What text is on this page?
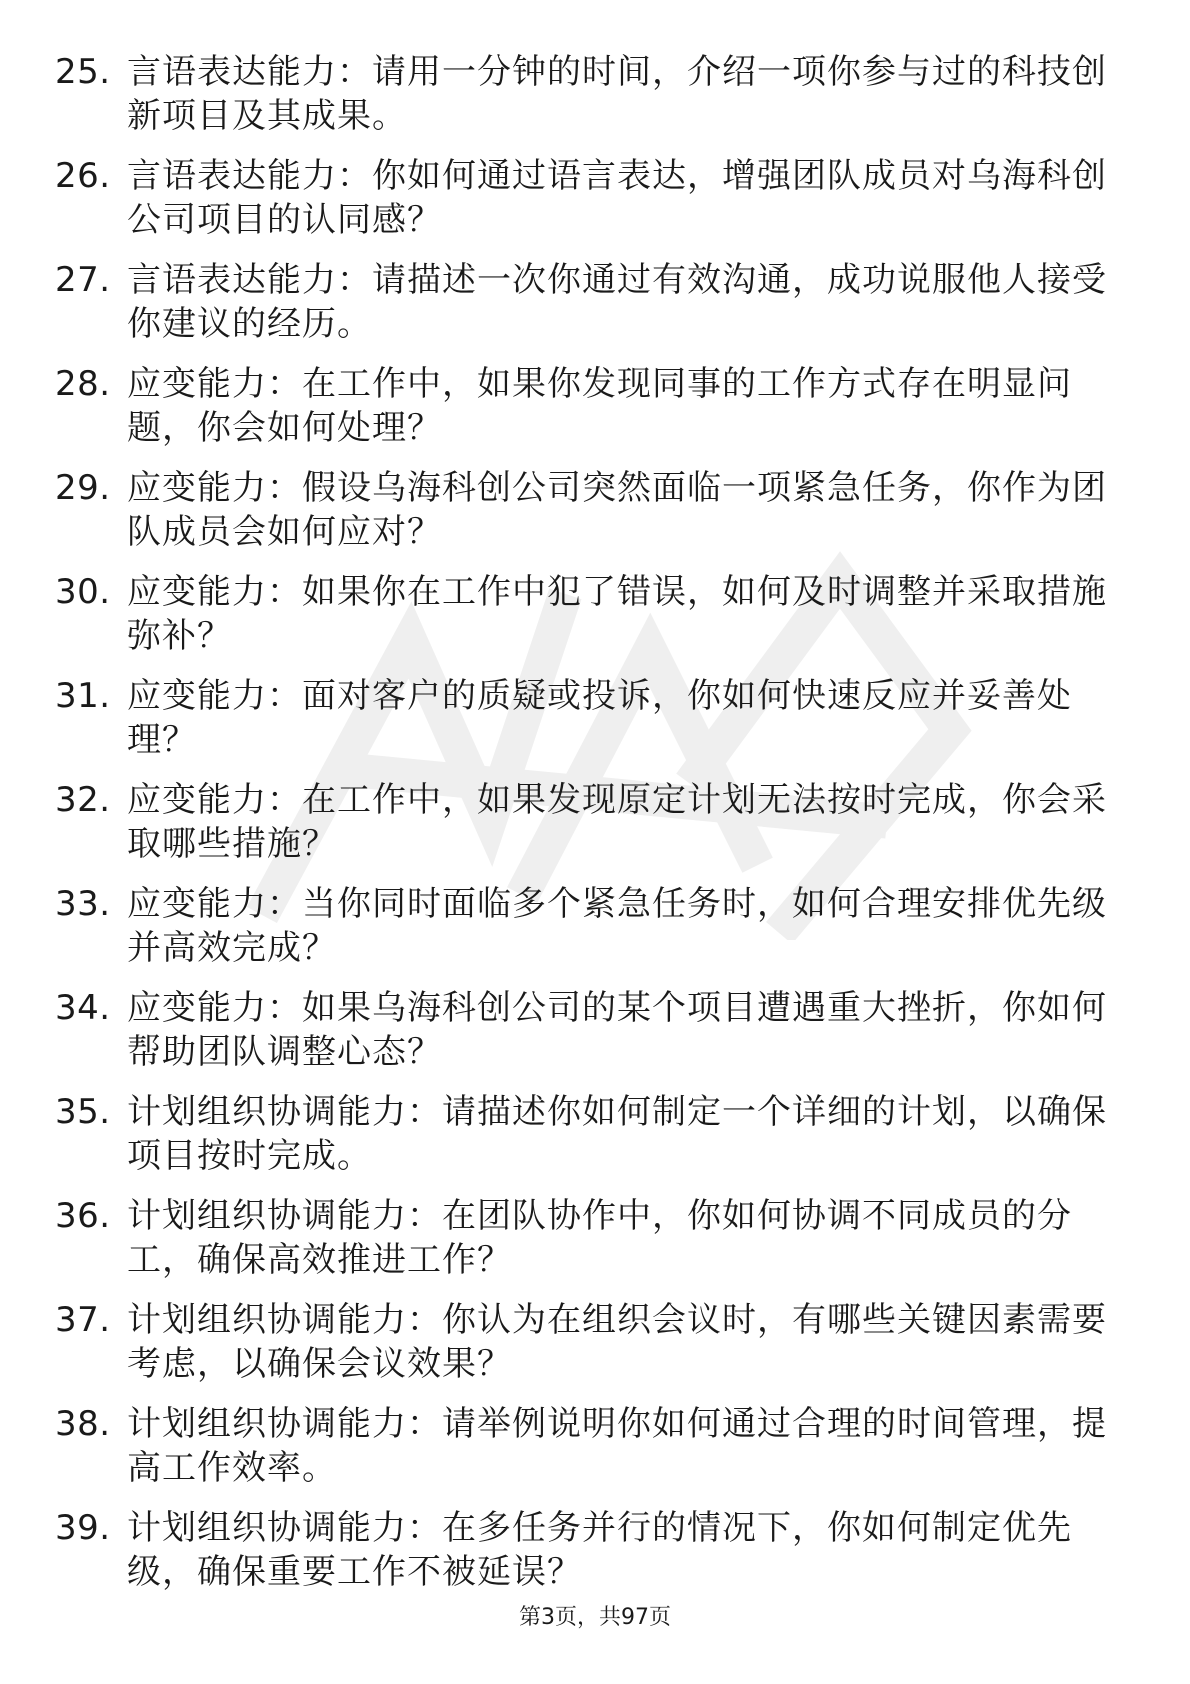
25. 言语表达能力：请用一分钟的时间，介绍一项你参与过的科技创新项目及其成果。
26. 言语表达能力：你如何通过语言表达，增强团队成员对乌海科创公司项目的认同感？
27. 言语表达能力：请描述一次你通过有效沟通，成功说服他人接受你建议的经历。
28. 应变能力：在工作中，如果你发现同事的工作方式存在明显问题，你会如何处理？
29. 应变能力：假设乌海科创公司突然面临一项紧急任务，你作为团队成员会如何应对？
30. 应变能力：如果你在工作中犯了错误，如何及时调整并采取措施弥补？
31. 应变能力：面对客户的质疑或投诉，你如何快速反应并妥善处理？
32. 应变能力：在工作中，如果发现原定计划无法按时完成，你会采取哪些措施？
33. 应变能力：当你同时面临多个紧急任务时，如何合理安排优先级并高效完成？
34. 应变能力：如果乌海科创公司的某个项目遭遇重大挫折，你如何帮助团队调整心态？
35. 计划组织协调能力：请描述你如何制定一个详细的计划，以确保项目按时完成。
36. 计划组织协调能力：在团队协作中，你如何协调不同成员的分工，确保高效推进工作？
37. 计划组织协调能力：你认为在组织会议时，有哪些关键因素需要考虑，以确保会议效果？
38. 计划组织协调能力：请举例说明你如何通过合理的时间管理，提高工作效率。
39. 计划组织协调能力：在多任务并行的情况下，你如何制定优先级，确保重要工作不被延误？
第3页，共97页
